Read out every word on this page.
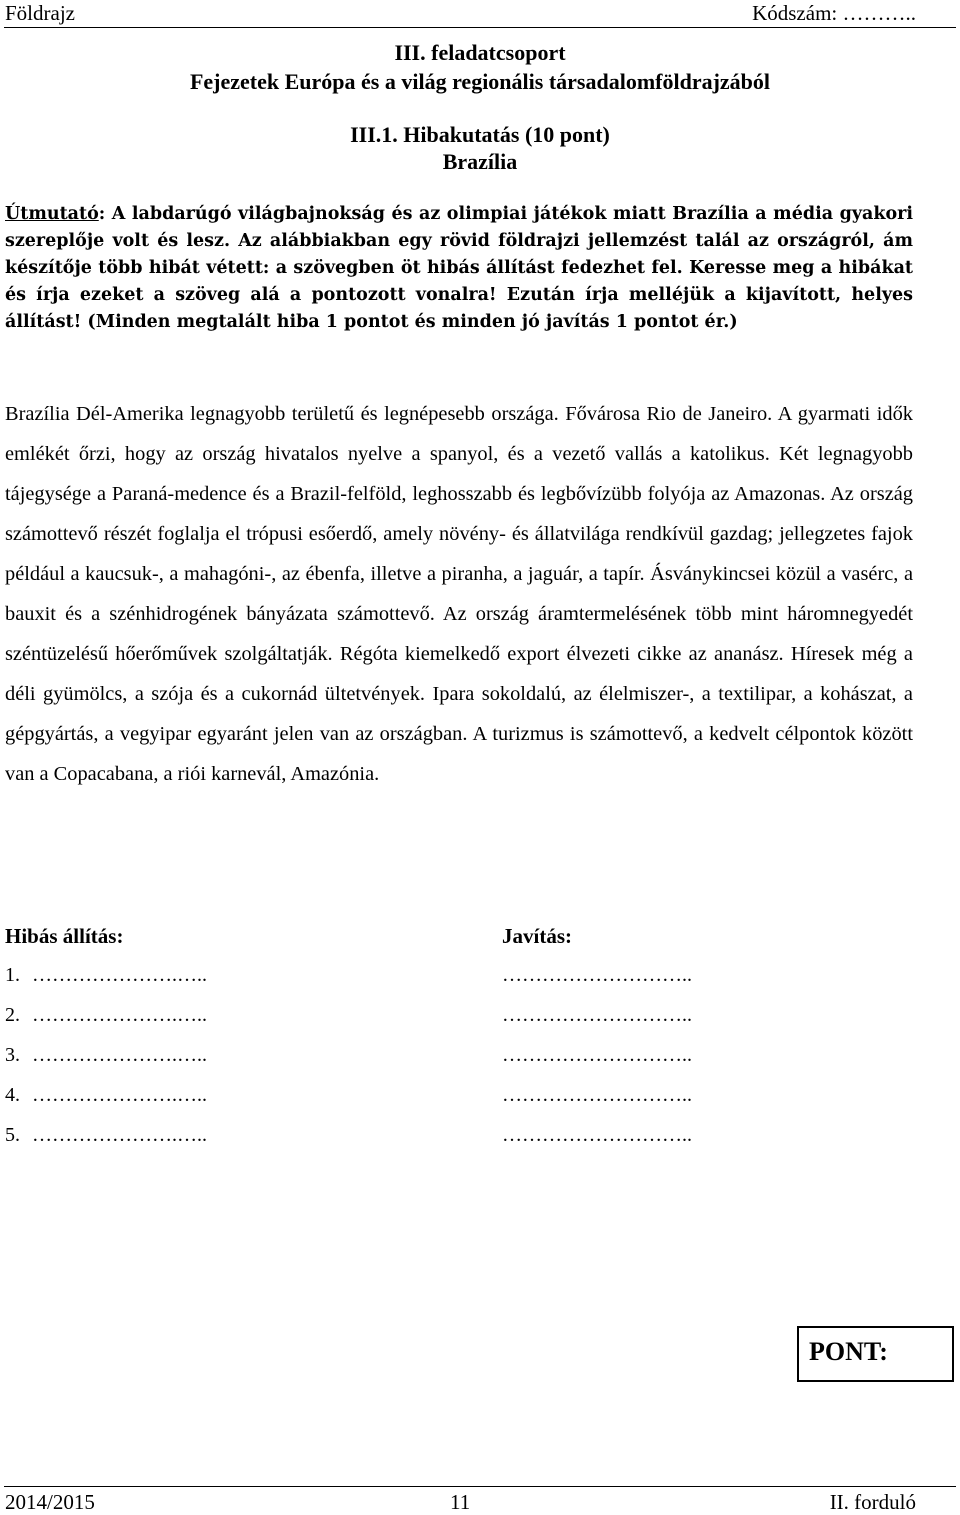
Földrajz	Kódszám: ………..
III. feladatcsoport
Fejezetek Európa és a világ regionális társadalomföldrajzából
III.1. Hibakutatás (10 pont)
Brazília
Útmutató: A labdarúgó világbajnokság és az olimpiai játékok miatt Brazília a média gyakori szereplője volt és lesz. Az alábbiakban egy rövid földrajzi jellemzést talál az országról, ám készítője több hibát vétett: a szövegben öt hibás állítást fedezhet fel. Keresse meg a hibákat és írja ezeket a szöveg alá a pontozott vonalra! Ezután írja melléjük a kijavított, helyes állítást! (Minden megtalált hiba 1 pontot és minden jó javítás 1 pontot ér.)
Brazília Dél-Amerika legnagyobb területű és legnépesebb országa. Fővárosa Rio de Janeiro. A gyarmati idők emlékét őrzi, hogy az ország hivatalos nyelve a spanyol, és a vezető vallás a katolikus. Két legnagyobb tájegysége a Paraná-medence és a Brazil-felföld, leghosszabb és legbővízübb folyója az Amazonas. Az ország számottevő részét foglalja el trópusi esőerdő, amely növény- és állatvilága rendkívül gazdag; jellegzetes fajok például a kaucsuk-, a mahagóni-, az ébenfa, illetve a piranha, a jaguár, a tapír. Ásványkincsei közül a vasérc, a bauxit és a szénhidrogének bányázata számottevő. Az ország áramtermelésének több mint háromnegyedét széntüzelésű hőerőművek szolgáltatják. Régóta kiemelkedő export élvezeti cikke az ananász. Híresek még a déli gyümölcs, a szója és a cukornád ültetvények. Ipara sokoldalú, az élelmiszer-, a textilipar, a kohászat, a gépgyártás, a vegyipar egyaránt jelen van az országban. A turizmus is számottevő, a kedvelt célpontok között van a Copacabana, a riói karnevál, Amazónia.
Hibás állítás:	Javítás:
1. ………………….…..	………………………..
2. ………………….…..	………………………..
3. ………………….…..	………………………..
4. ………………….…..	………………………..
5. ………………….…..	………………………..
PONT:
2014/2015	11	II. forduló
